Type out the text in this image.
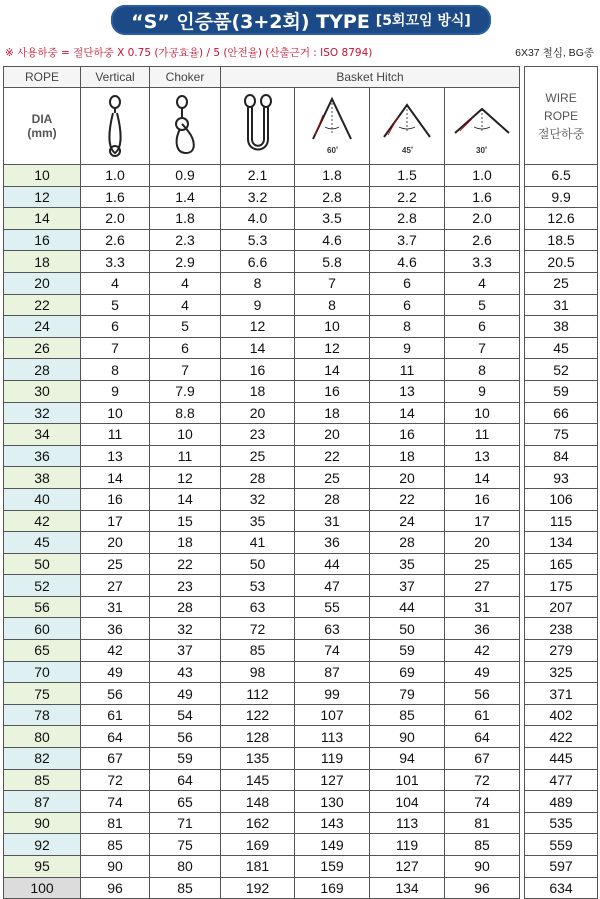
“S” 인증품(3+2회) TYPE [5회꼬임 방식]
※ 사용하중 = 절단하중 X 0.75 (가공효율) / 5 (안전율) (산출근거 : ISO 8794)	6X37 철심, BG종
ROPE	Vertical	Choker	Basket Hitch					WIRE
ROPE
절단하중

DIA
(mm)				60˚	45˚	30˚		

10	1.0	0.9	2.1	1.8	1.5	1.0		6.5
12	1.6	1.4	3.2	2.8	2.2	1.6		9.9
14	2.0	1.8	4.0	3.5	2.8	2.0		12.6
16	2.6	2.3	5.3	4.6	3.7	2.6		18.5
18	3.3	2.9	6.6	5.8	4.6	3.3		20.5
20	4	4	8	7	6	4		25
22	5	4	9	8	6	5		31
24	6	5	12	10	8	6		38
26	7	6	14	12	9	7		45
28	8	7	16	14	11	8		52
30	9	7.9	18	16	13	9		59
32	10	8.8	20	18	14	10		66
34	11	10	23	20	16	11		75
36	13	11	25	22	18	13		84
38	14	12	28	25	20	14		93
40	16	14	32	28	22	16		106
42	17	15	35	31	24	17		115
45	20	18	41	36	28	20		134
50	25	22	50	44	35	25		165
52	27	23	53	47	37	27		175
56	31	28	63	55	44	31		207
60	36	32	72	63	50	36		238
65	42	37	85	74	59	42		279
70	49	43	98	87	69	49		325
75	56	49	112	99	79	56		371
78	61	54	122	107	85	61		402
80	64	56	128	113	90	64		422
82	67	59	135	119	94	67		445
85	72	64	145	127	101	72		477
87	74	65	148	130	104	74		489
90	81	71	162	143	113	81		535
92	85	75	169	149	119	85		559
95	90	80	181	159	127	90		597
100	96	85	192	169	134	96		634
